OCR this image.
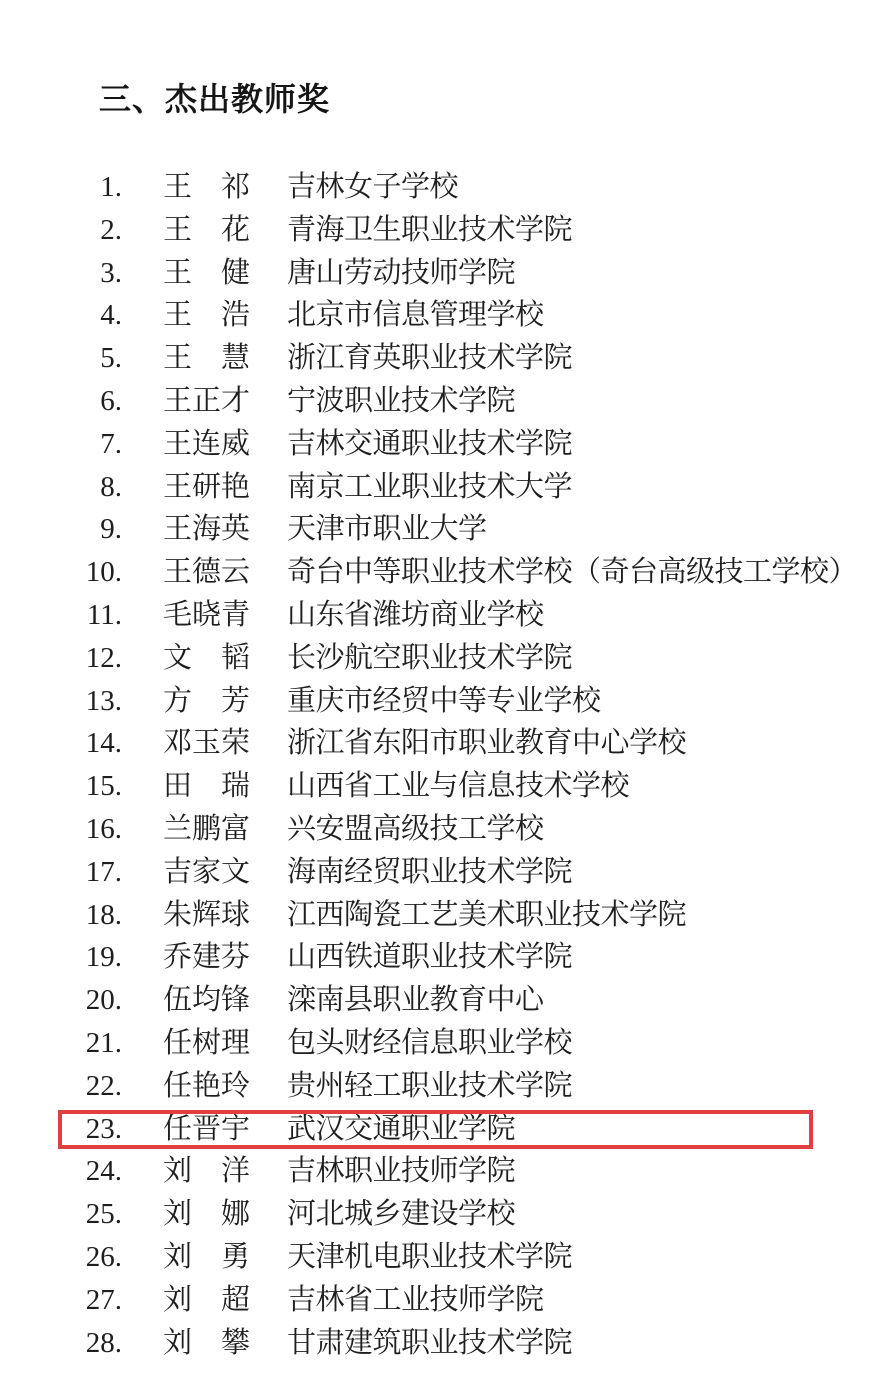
三、杰出教师奖
1. 王　祁 吉林女子学校
2. 王　花 青海卫生职业技术学院
3. 王　健 唐山劳动技师学院
4. 王　浩 北京市信息管理学校
5. 王　慧 浙江育英职业技术学院
6. 王正才 宁波职业技术学院
7. 王连威 吉林交通职业技术学院
8. 王研艳 南京工业职业技术大学
9. 王海英 天津市职业大学
10. 王德云 奇台中等职业技术学校（奇台高级技工学校）
11. 毛晓青 山东省潍坊商业学校
12. 文　韬 长沙航空职业技术学院
13. 方　芳 重庆市经贸中等专业学校
14. 邓玉荣 浙江省东阳市职业教育中心学校
15. 田　瑞 山西省工业与信息技术学校
16. 兰鹏富 兴安盟高级技工学校
17. 吉家文 海南经贸职业技术学院
18. 朱辉球 江西陶瓷工艺美术职业技术学院
19. 乔建芬 山西铁道职业技术学院
20. 伍均锋 滦南县职业教育中心
21. 任树理 包头财经信息职业学校
22. 任艳玲 贵州轻工职业技术学院
23. 任晋宇 武汉交通职业学院
24. 刘　洋 吉林职业技师学院
25. 刘　娜 河北城乡建设学校
26. 刘　勇 天津机电职业技术学院
27. 刘　超 吉林省工业技师学院
28. 刘　攀 甘肃建筑职业技术学院
